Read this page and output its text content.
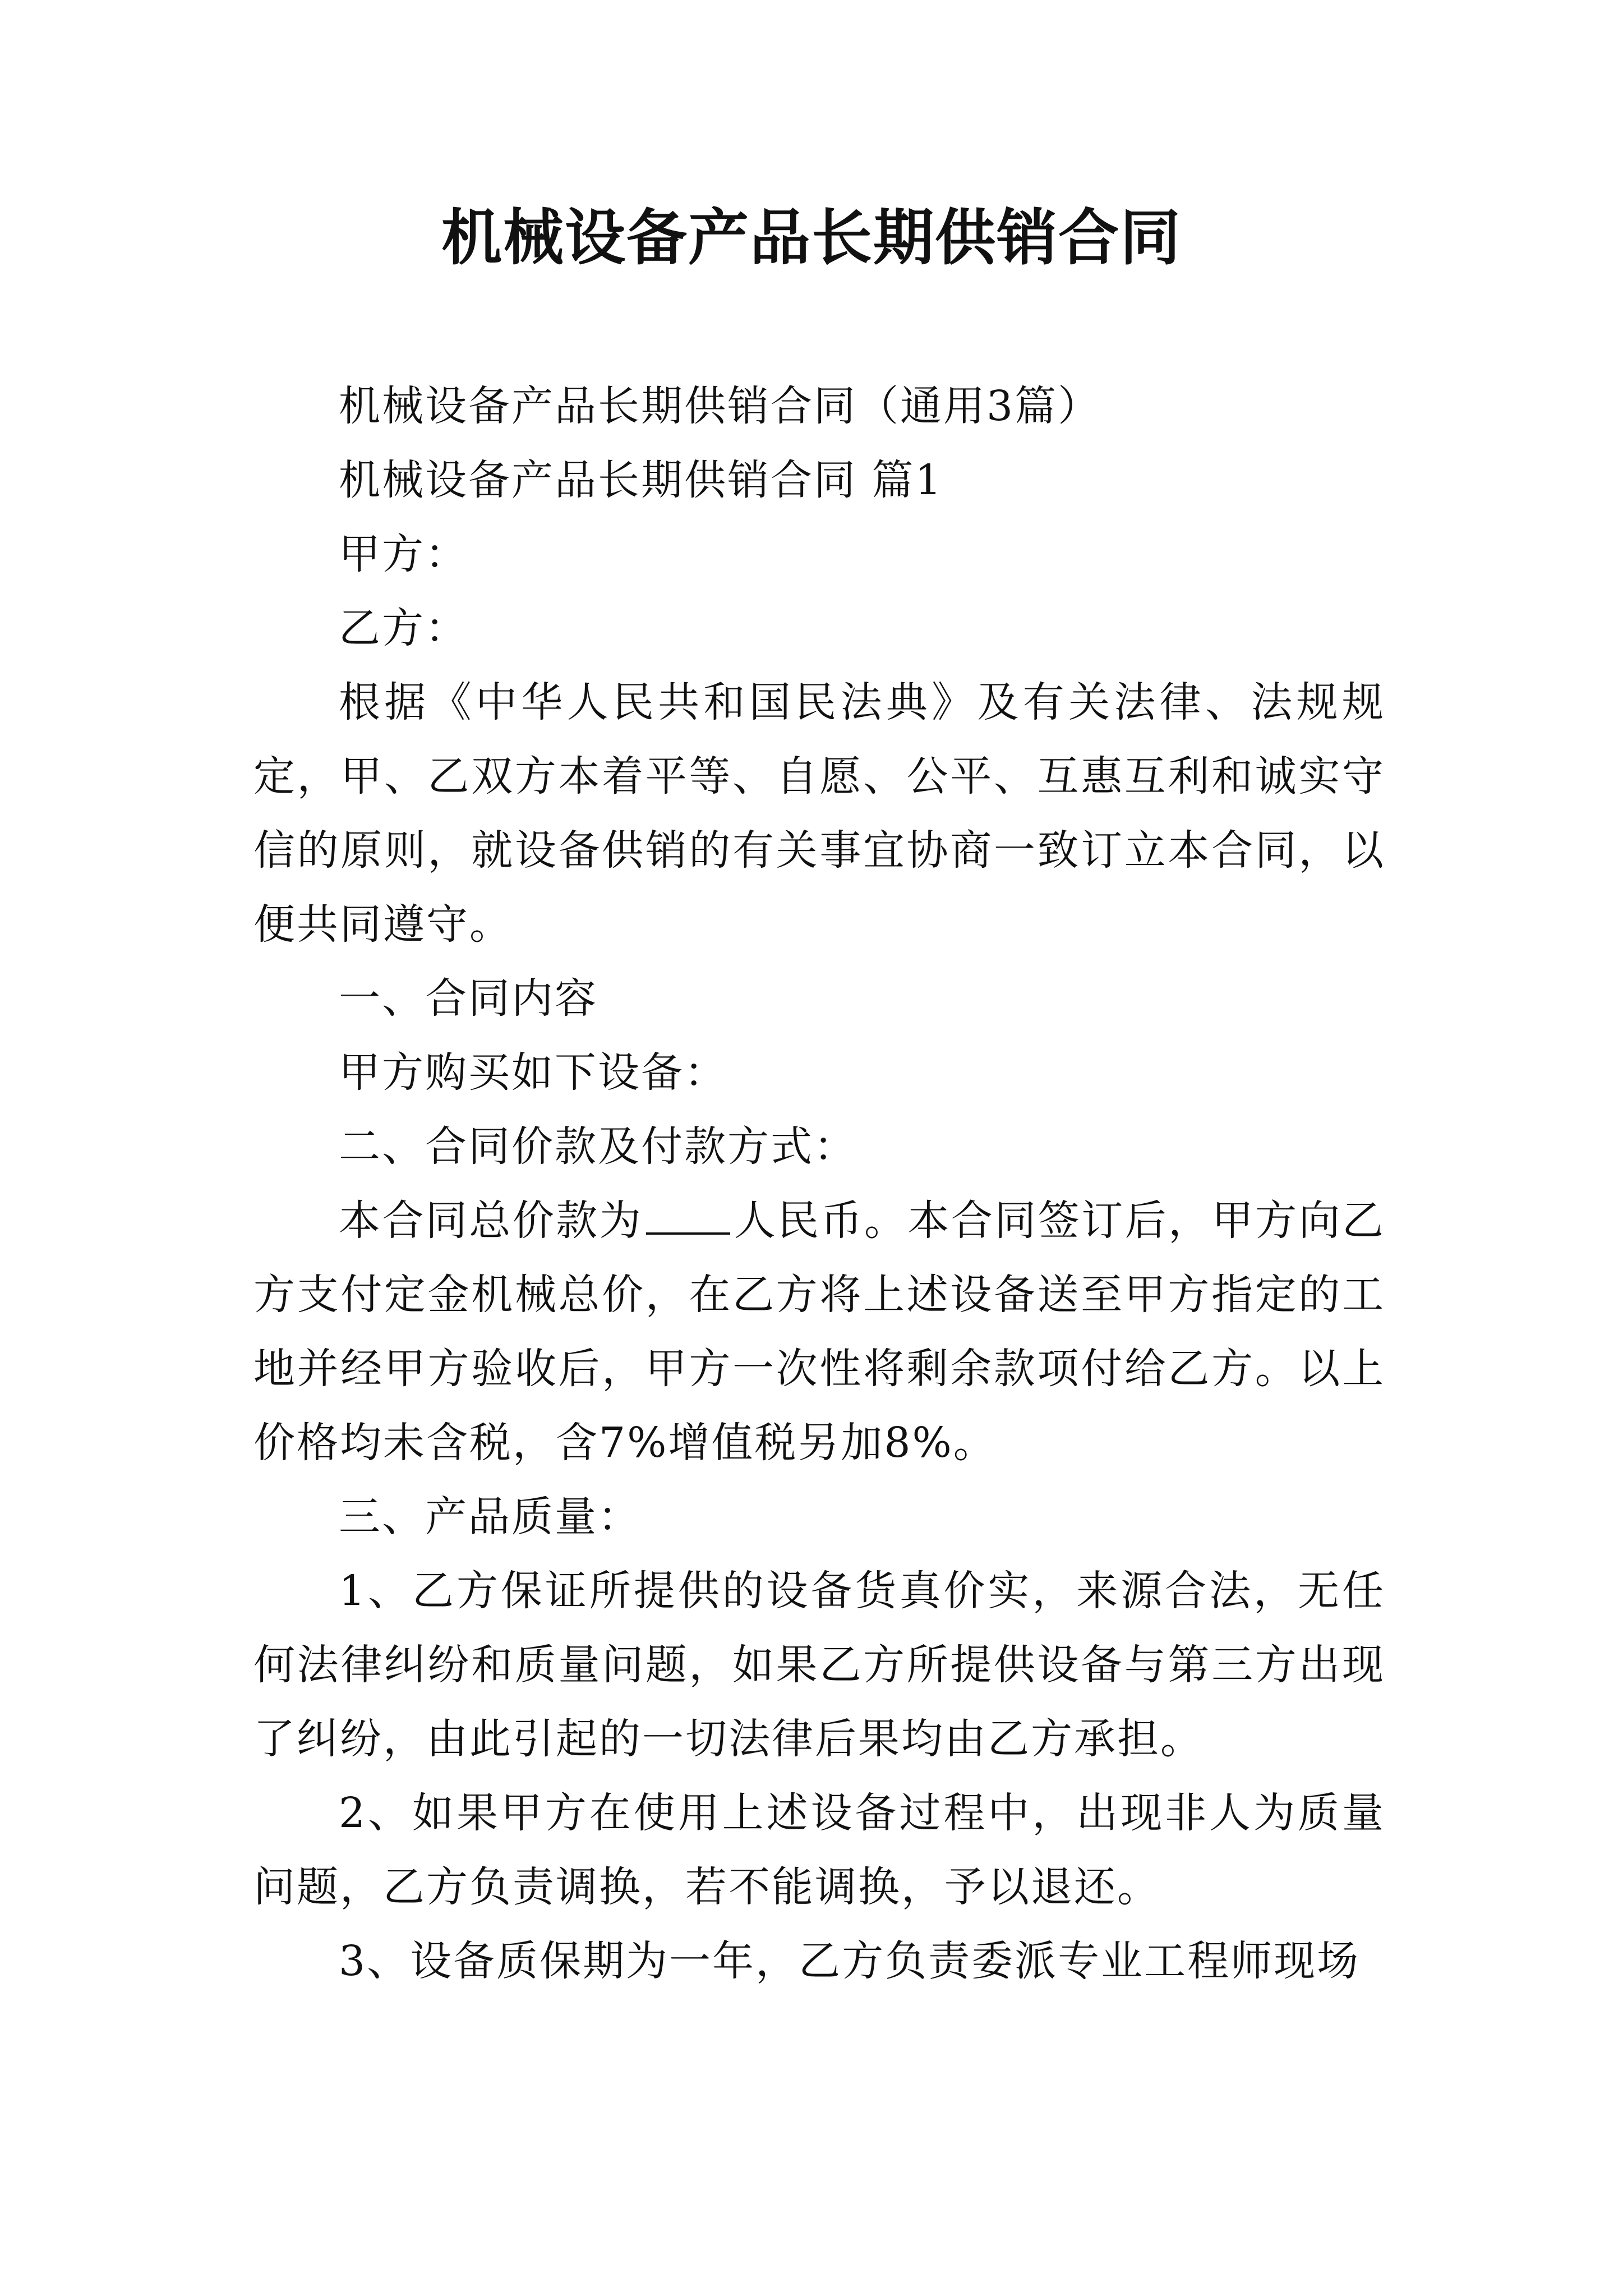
机械设备产品长期供销合同

机械设备产品长期供销合同（通用3篇）

机械设备产品长期供销合同 篇1

甲方：

乙方：

根据《中华人民共和国民法典》及有关法律、法规规定，甲、乙双方本着平等、自愿、公平、互惠互利和诚实守信的原则，就设备供销的有关事宜协商一致订立本合同，以便共同遵守。

一、合同内容

甲方购买如下设备：

二、合同价款及付款方式：

本合同总价款为 人民币。本合同签订后，甲方向乙方支付定金机械总价，在乙方将上述设备送至甲方指定的工地并经甲方验收后，甲方一次性将剩余款项付给乙方。以上价格均未含税，含7%增值税另加8%。

三、产品质量：

1、乙方保证所提供的设备货真价实，来源合法，无任何法律纠纷和质量问题，如果乙方所提供设备与第三方出现了纠纷，由此引起的一切法律后果均由乙方承担。

2、如果甲方在使用上述设备过程中，出现非人为质量问题，乙方负责调换，若不能调换，予以退还。

3、设备质保期为一年，乙方负责委派专业工程师现场
